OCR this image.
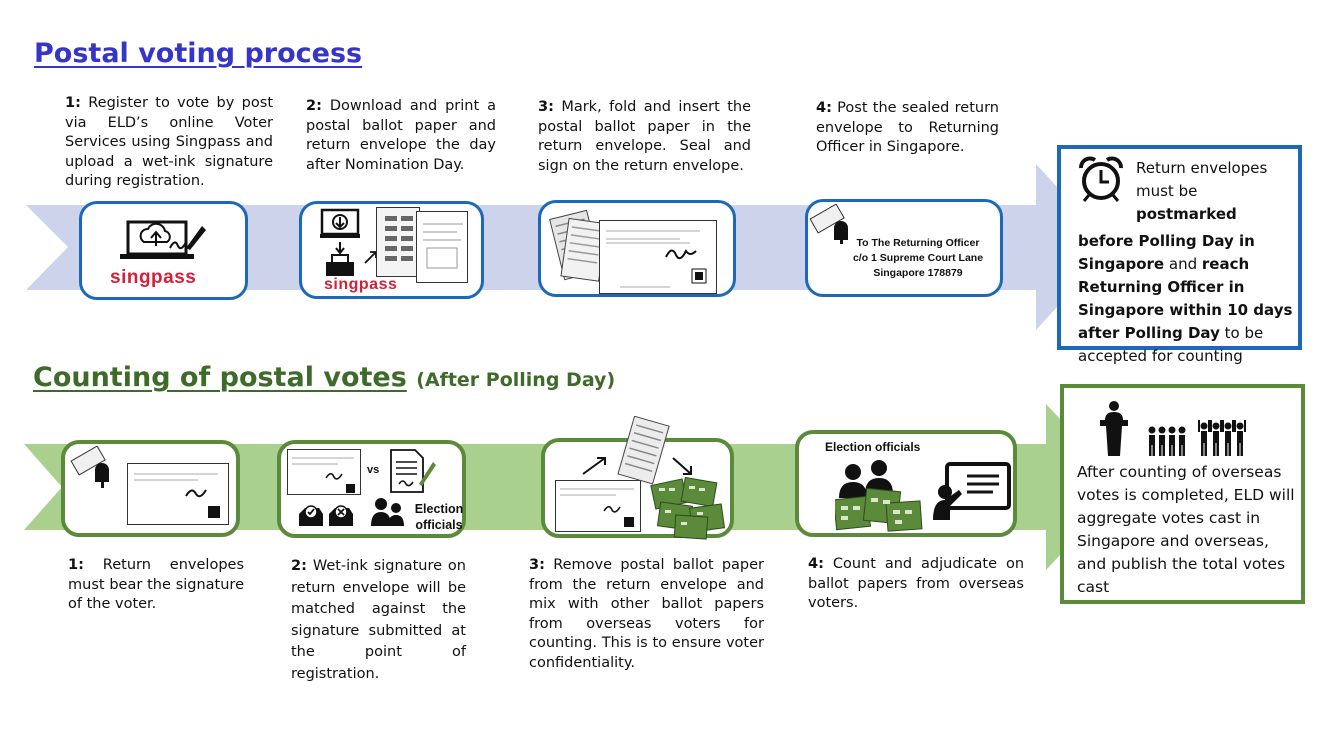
Postal voting process
Counting of postal votes (After Polling Day)
1: Register to vote by post via ELD’s online Voter Services using Singpass and upload a wet-ink signature during registration.
2: Download and print a postal ballot paper and return envelope the day after Nomination Day.
3: Mark, fold and insert the postal ballot paper in the return envelope. Seal and sign on the return envelope.
4: Post the sealed return envelope to Returning Officer in Singapore.
singpass	singpass
To The Returning Officer
c/o 1 Supreme Court Lane
Singapore 178879
Return envelopes must be postmarked
before Polling Day in Singapore and reach Returning Officer in Singapore within 10 days after Polling Day to be accepted for counting
vs
Election officials
Election officials
After counting of overseas votes is completed, ELD will aggregate votes cast in Singapore and overseas, and publish the total votes cast
1: Return envelopes must bear the signature of the voter.
2: Wet-ink signature on return envelope will be matched against the signature submitted at the point of registration.
3: Remove postal ballot paper from the return envelope and mix with other ballot papers from overseas voters for counting. This is to ensure voter confidentiality.
4: Count and adjudicate on ballot papers from overseas voters.
